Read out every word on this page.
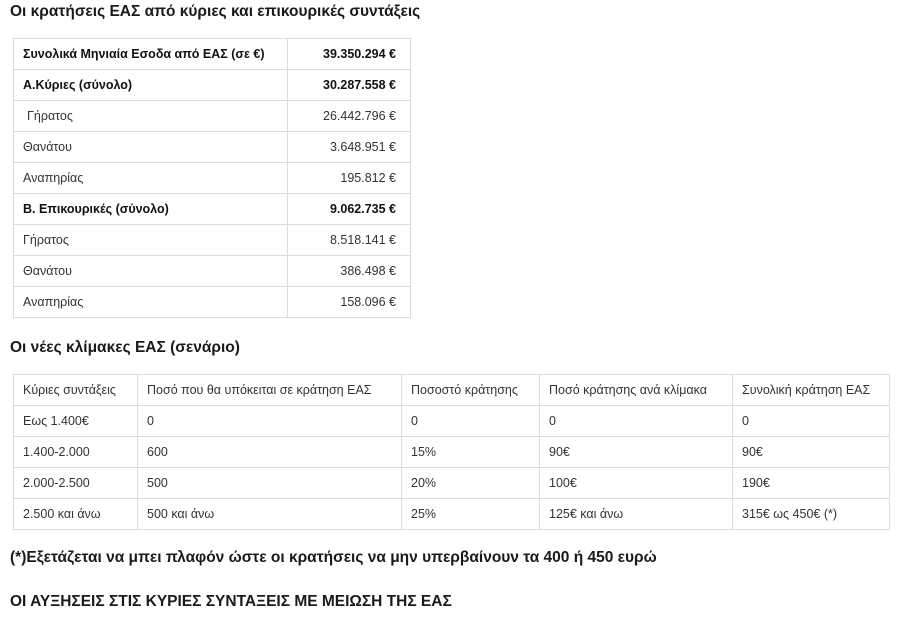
Οι κρατήσεις ΕΑΣ από κύριες και επικουρικές συντάξεις
Συνολικά Μηνιαία Εσοδα από ΕΑΣ (σε €)	39.350.294 €
Α.Κύριες (σύνολο)	30.287.558 €
Γήρατος	26.442.796 €
Θανάτου	3.648.951 €
Αναπηρίας	195.812 €
Β. Επικουρικές (σύνολο)	9.062.735 €
Γήρατος	8.518.141 €
Θανάτου	386.498 €
Αναπηρίας	158.096 €
Οι νέες κλίμακες ΕΑΣ (σενάριο)
Κύριες συντάξεις	Ποσό που θα υπόκειται σε κράτηση ΕΑΣ	Ποσοστό κράτησης	Ποσό κράτησης ανά κλίμακα	Συνολική κράτηση ΕΑΣ
Εως 1.400€	0	0	0	0
1.400-2.000	600	15%	90€	90€
2.000-2.500	500	20%	100€	190€
2.500 και άνω	500 και άνω	25%	125€ και άνω	315€ ως 450€ (*)
(*)Εξετάζεται να μπει πλαφόν ώστε οι κρατήσεις να μην υπερβαίνουν τα 400 ή 450 ευρώ
ΟΙ ΑΥΞΗΣΕΙΣ ΣΤΙΣ ΚΥΡΙΕΣ ΣΥΝΤΑΞΕΙΣ ΜΕ ΜΕΙΩΣΗ ΤΗΣ ΕΑΣ
